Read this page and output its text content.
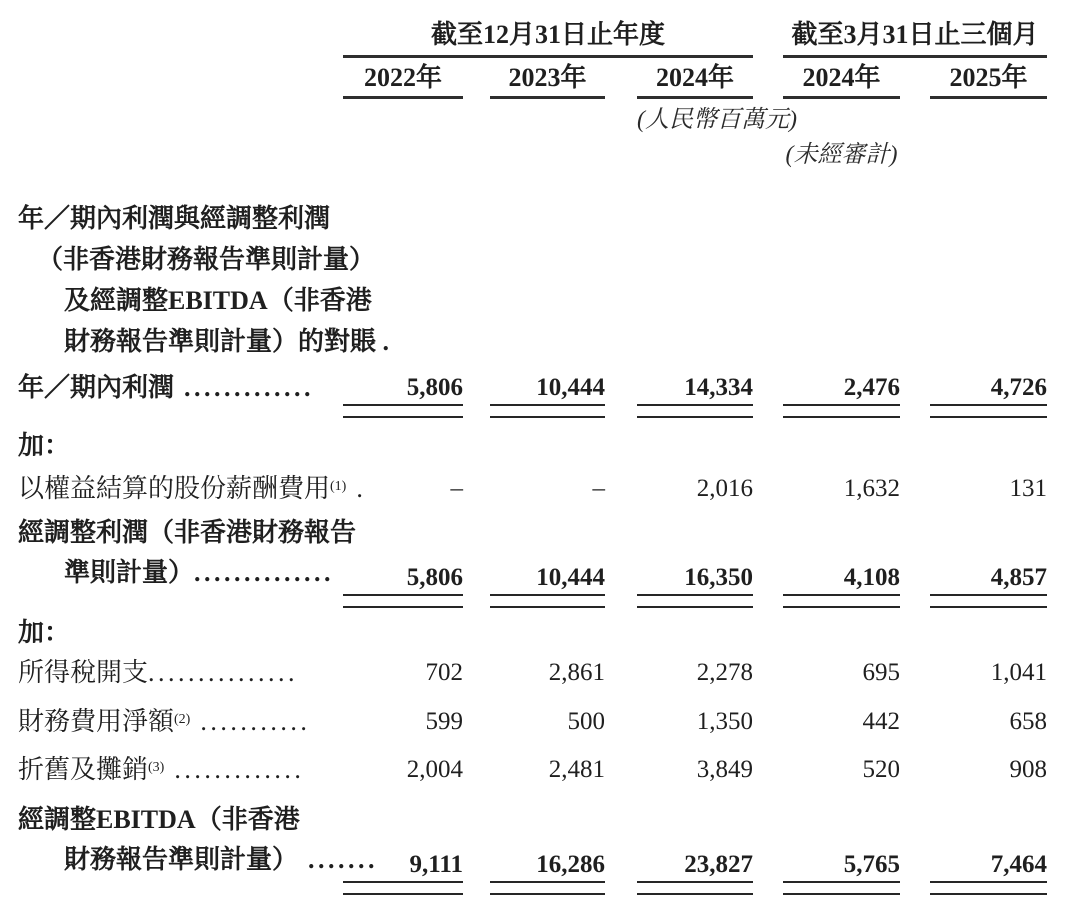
截至12月31日止年度	截至3月31日止三個月
2022年	2023年	2024年	2024年	2025年
(人民幣百萬元)
(未經審計)
年／期內利潤與經調整利潤
（非香港財務報告準則計量）
及經調整EBITDA（非香港
財務報告準則計量）的對賬 .
年／期內利潤 .............	5,806	10,444	14,334	2,476	4,726
加：
以權益結算的股份薪酬費用$^{(1)}$ .	–	–	2,016	1,632	131
經調整利潤（非香港財務報告
準則計量）..............	5,806	10,444	16,350	4,108	4,857
加：
所得稅開支...............	702	2,861	2,278	695	1,041
財務費用淨額$^{(2)}$ ...........	599	500	1,350	442	658
折舊及攤銷$^{(3)}$ .............	2,004	2,481	3,849	520	908
經調整EBITDA（非香港
財務報告準則計量） .......	9,111	16,286	23,827	5,765	7,464
